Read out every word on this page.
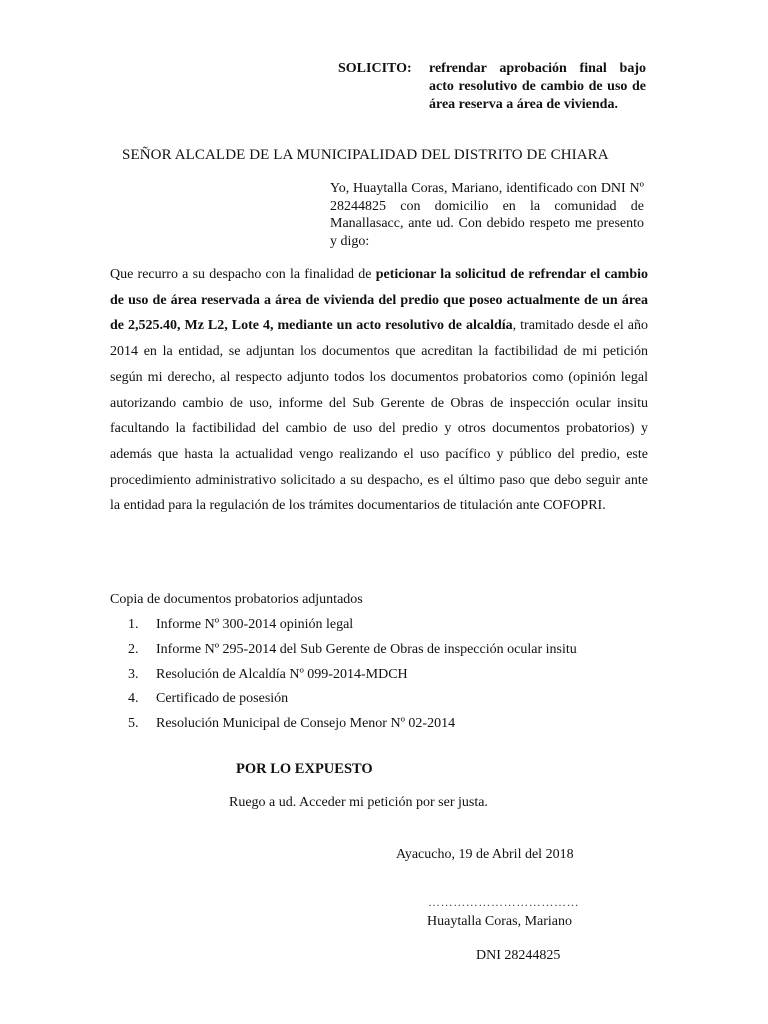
SOLICITO:	refrendar aprobación final bajo acto resolutivo de cambio de uso de área reserva a área de vivienda.
SEÑOR ALCALDE DE LA MUNICIPALIDAD DEL DISTRITO DE CHIARA
Yo, Huaytalla Coras, Mariano, identificado con DNI Nº 28244825 con domicilio en la comunidad de Manallasacc, ante ud. Con debido respeto me presento y digo:
Que recurro a su despacho con la finalidad de peticionar la solicitud de refrendar el cambio de uso de área reservada a área de vivienda del predio que poseo actualmente de un área de 2,525.40, Mz L2, Lote 4, mediante un acto resolutivo de alcaldía, tramitado desde el año 2014 en la entidad, se adjuntan los documentos que acreditan la factibilidad de mi petición según mi derecho, al respecto adjunto todos los documentos probatorios como (opinión legal autorizando cambio de uso, informe del Sub Gerente de Obras de inspección ocular insitu facultando la factibilidad del cambio de uso del predio y otros documentos probatorios) y además que hasta la actualidad vengo realizando el uso pacífico y público del predio, este procedimiento administrativo solicitado a su despacho, es el último paso que debo seguir ante la entidad para la regulación de los trámites documentarios de titulación ante COFOPRI.
Copia de documentos probatorios adjuntados
1.	Informe Nº 300-2014 opinión legal
2.	Informe Nº 295-2014 del Sub Gerente de Obras de inspección ocular insitu
3.	Resolución de Alcaldía Nº 099-2014-MDCH
4.	Certificado de posesión
5.	Resolución Municipal de Consejo Menor Nº 02-2014
POR LO EXPUESTO
Ruego a ud. Acceder mi petición por ser justa.
Ayacucho, 19 de Abril del 2018
………………………………
Huaytalla Coras, Mariano
DNI 28244825
